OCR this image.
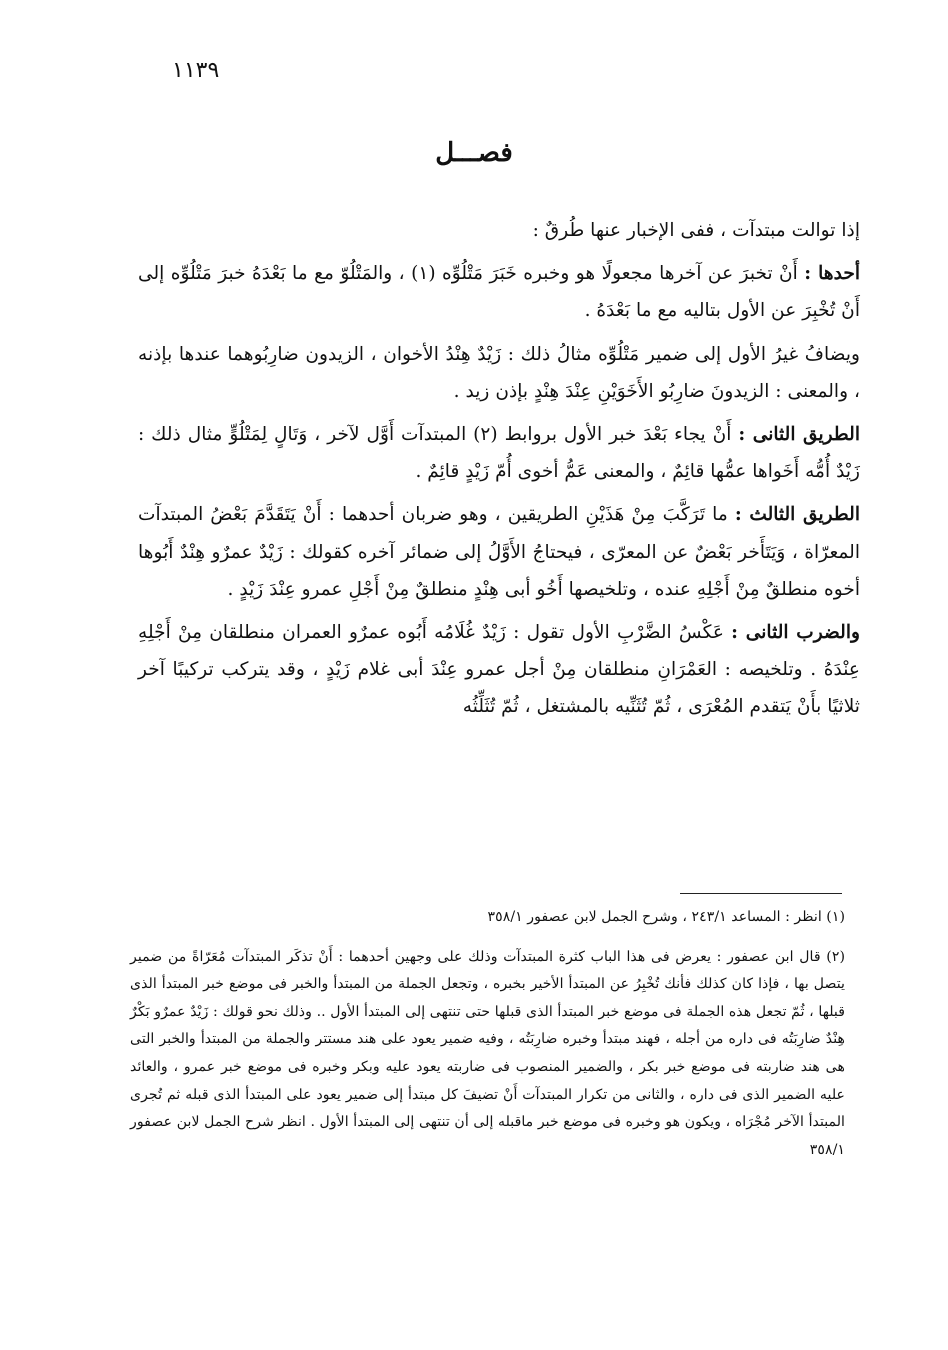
١١٣٩
فصـــل

إذا توالت مبتدآت ، ففى الإخبار عنها طُرقٌ :

أحدها : أَنْ تخبرَ عن آخرها مجعولًا هو وخبره خَبَرَ مَتْلُوِّه (١) ، والمَتْلُوّ مع ما بَعْدَهُ خبرَ مَتْلُوِّه إلى أَنْ تُخْبِرَ عن الأول بتاليه مع ما بَعْدَهُ .

ويضافُ غيرُ الأول إلى ضمير مَتْلُوِّه مثالُ ذلك : زَيْدٌ هِنْدُ الأخوان ، الزيدون ضارِبُوهما عندها بإذنه ، والمعنى : الزيدونَ ضارِبُو الأَخَوَيْنِ عِنْدَ هِنْدٍ بإذن زيد .

الطريق الثانى : أَنْ يجاء بَعْدَ خبر الأول بروابط (٢) المبتدآت أَوَّل لآخر ، وَتَالٍ لِمَتْلُوٍّ مثال ذلك : زَيْدٌ أُمُّه أَخَواها عمُّها قائِمٌ ، والمعنى عَمُّ أخوى أُمّ زَيْدٍ قائِمٌ .

الطريق الثالث : ما تَرَكَّبَ مِنْ هَذَيْنِ الطريقين ، وهو ضربان أحدهما : أَنْ يَتَقَدَّمَ بَعْضُ المبتدآت المعرّاة ، وَيَتَأَخر بَعْضٌ عن المعرّى ، فيحتاجُ الأَوَّلُ إلى ضمائر آخره كقولك : زَيْدٌ عمرٌو هِنْدٌ أَبُوها أخوه منطلقٌ مِنْ أَجْلِهِ عنده ، وتلخيصها أَخُو أبى هِنْدٍ منطلقٌ مِنْ أَجْلِ عمرو عِنْدَ زَيْدٍ .

والضرب الثانى : عَكْسُ الضَّرْبِ الأول تقول : زَيْدٌ غُلَامُه أَبُوه عمرٌو العمران منطلقان مِنْ أَجْلِهِ عِنْدَهُ . وتلخيصه : العَمْرَانِ منطلقان مِنْ أجل عمرو عِنْدَ أبى غلام زَيْدٍ ، وقد يتركب تركيبًا آخر ثلاثيًا بأَنْ يَتقدم المُعْرَى ، ثُمّ تُثَنِّيه بالمشتغل ، ثُمّ تُثَلِّثُه

(١) انظر : المساعد ٢٤٣/١ ، وشرح الجمل لابن عصفور ٣٥٨/١

(٢) قال ابن عصفور : يعرض فى هذا الباب كثرة المبتدآت وذلك على وجهين أحدهما : أَنْ تذكَر المبتدآت مُعَرّاةً من ضمير يتصل بها ، فإذا كان كذلك فأنك تُخْبِرُ عن المبتدأ الأخير بخبره ، وتجعل الجملة من المبتدأ والخبر فى موضع خبر المبتدأ الذى قبلها ، ثُمّ تجعل هذه الجملة فى موضع خبر المبتدأ الذى قبلها حتى تنتهى إلى المبتدأ الأول .. وذلك نحو قولك : زَيْدٌ عمرٌو بَكْرٌ هِنْدٌ ضارِبَتُه فى داره من أجله ، فهند مبتدأ وخبره ضارِبَتُه ، وفيه ضمير يعود على هند مستتر والجملة من المبتدأ والخبر التى هى هند ضاربته فى موضع خبر بكر ، والضمير المنصوب فى ضاربته يعود عليه وبكر وخبره فى موضع خبر عمرو ، والعائد عليه الضمير الذى فى داره ، والثانى من تكرار المبتدآت أَنْ تضيفَ كل مبتدأ إلى ضمير يعود على المبتدأ الذى قبله ثم تُجرى المبتدأ الآخر مُجْرَاه ، ويكون هو وخبره فى موضع خبر ماقبله إلى أن تنتهى إلى المبتدأ الأول . انظر شرح الجمل لابن عصفور ٣٥٨/١
